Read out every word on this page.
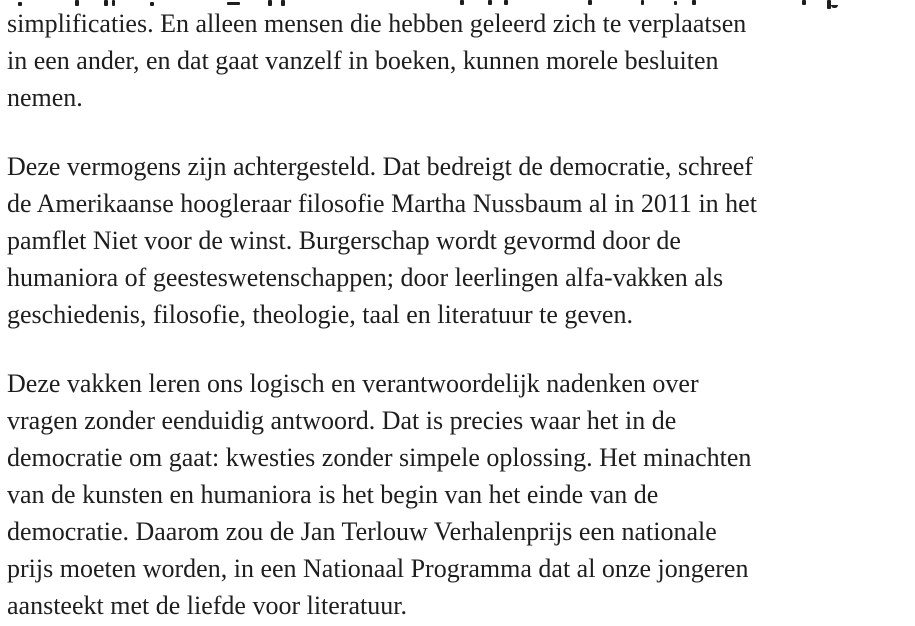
simplificaties. En alleen mensen die hebben geleerd zich te verplaatsen
in een ander, en dat gaat vanzelf in boeken, kunnen morele besluiten
nemen.
Deze vermogens zijn achtergesteld. Dat bedreigt de democratie, schreef
de Amerikaanse hoogleraar filosofie Martha Nussbaum al in 2011 in het
pamflet Niet voor de winst. Burgerschap wordt gevormd door de
humaniora of geesteswetenschappen; door leerlingen alfa-vakken als
geschiedenis, filosofie, theologie, taal en literatuur te geven.
Deze vakken leren ons logisch en verantwoordelijk nadenken over
vragen zonder eenduidig antwoord. Dat is precies waar het in de
democratie om gaat: kwesties zonder simpele oplossing. Het minachten
van de kunsten en humaniora is het begin van het einde van de
democratie. Daarom zou de Jan Terlouw Verhalenprijs een nationale
prijs moeten worden, in een Nationaal Programma dat al onze jongeren
aansteekt met de liefde voor literatuur.
